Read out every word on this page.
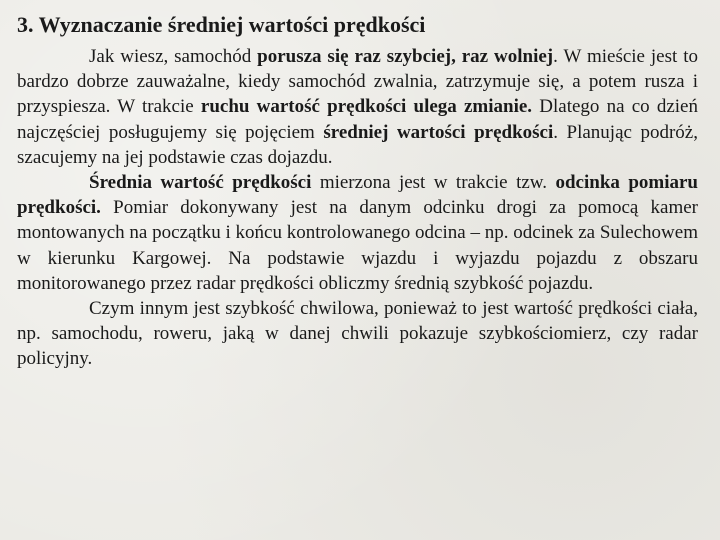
3. Wyznaczanie średniej wartości prędkości

Jak wiesz, samochód porusza się raz szybciej, raz wolniej. W mieście jest to bardzo dobrze zauważalne, kiedy samochód zwalnia, zatrzymuje się, a potem rusza i przyspiesza. W trakcie ruchu wartość prędkości ulega zmianie. Dlatego na co dzień najczęściej posługujemy się pojęciem średniej wartości prędkości. Planując podróż, szacujemy na jej podstawie czas dojazdu.

Średnia wartość prędkości mierzona jest w trakcie tzw. odcinka pomiaru prędkości. Pomiar dokonywany jest na danym odcinku drogi za pomocą kamer montowanych na początku i końcu kontrolowanego odcina – np. odcinek za Sulechowem w kierunku Kargowej. Na podstawie wjazdu i wyjazdu pojazdu z obszaru monitorowanego przez radar prędkości obliczmy średnią szybkość pojazdu.

Czym innym jest szybkość chwilowa, ponieważ to jest wartość prędkości ciała, np. samochodu, roweru, jaką w danej chwili pokazuje szybkościomierz, czy radar policyjny.
